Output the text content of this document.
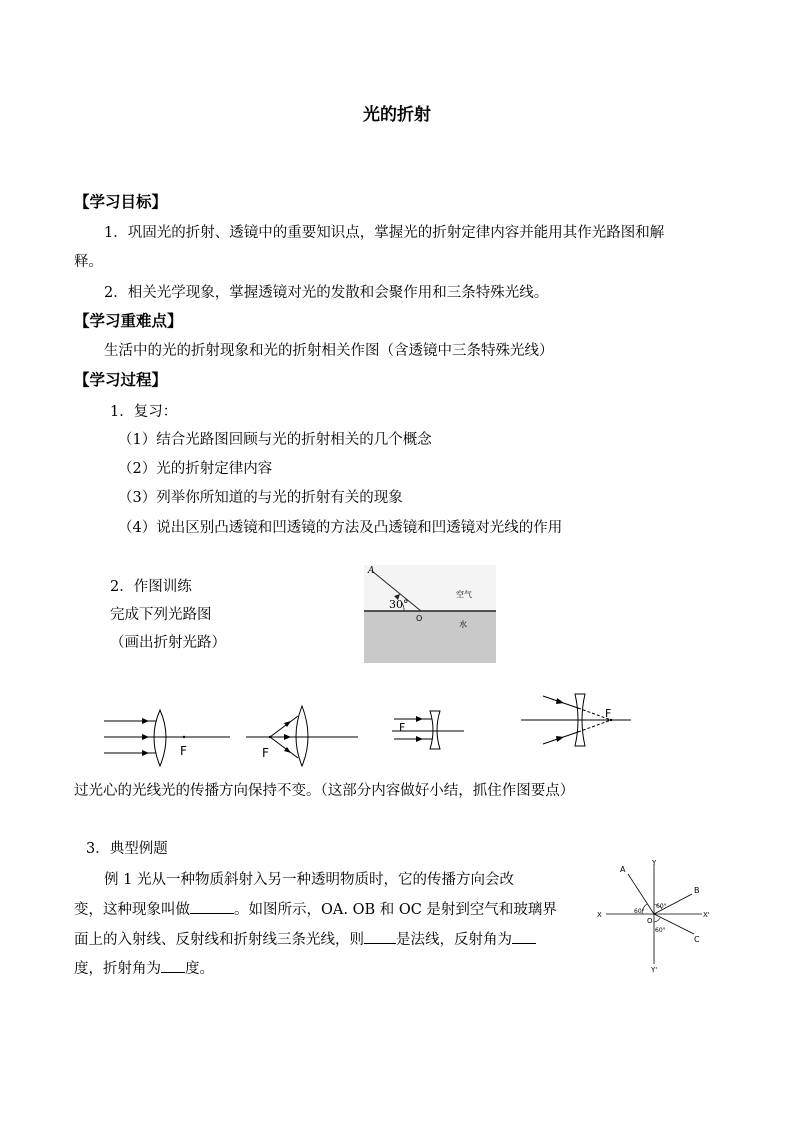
光的折射
【学习目标】
1．巩固光的折射、透镜中的重要知识点，掌握光的折射定律内容并能用其作光路图和解
释。
2．相关光学现象，掌握透镜对光的发散和会聚作用和三条特殊光线。
【学习重难点】
生活中的光的折射现象和光的折射相关作图（含透镜中三条特殊光线）
【学习过程】
1．复习：
（1）结合光路图回顾与光的折射相关的几个概念
（2）光的折射定律内容
（3）列举你所知道的与光的折射有关的现象
（4）说出区别凸透镜和凹透镜的方法及凸透镜和凹透镜对光线的作用
2．作图训练
完成下列光路图
（画出折射光路）
A
30°
O
空气
水
F	F
F
F
过光心的光线光的传播方向保持不变。（这部分内容做好小结，抓住作图要点）
3．典型例题
例 1 光从一种物质斜射入另一种透明物质时，它的传播方向会改
变，这种现象叫做	。如图所示，OA. OB 和 OC 是射到空气和玻璃界
面上的入射线、反射线和折射线三条光线，则 是法线，反射角为
度，折射角为 度。
A
B
C
Y
Y'
X	X'
O
60°
60°
60°
